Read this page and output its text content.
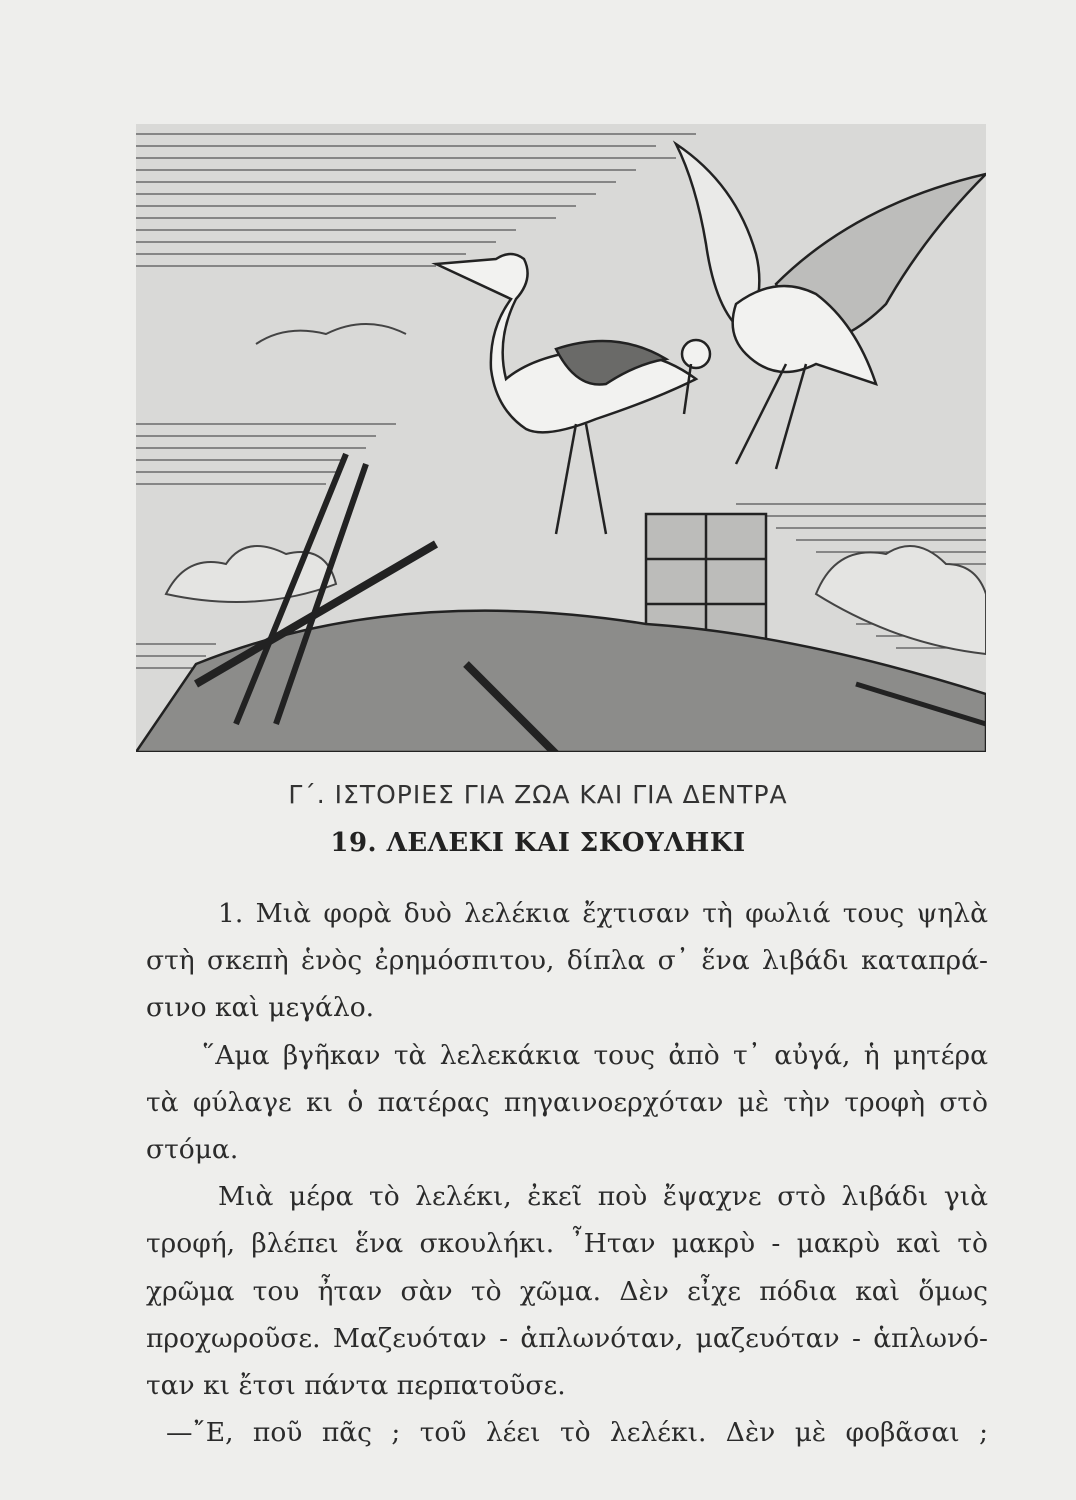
Γ΄. ΙΣΤΟΡΙΕΣ ΓΙΑ ΖΩΑ ΚΑΙ ΓΙΑ ΔΕΝΤΡΑ
19. ΛΕΛΕΚΙ ΚΑΙ ΣΚΟΥΛΗΚΙ
1. Μιὰ φορὰ δυὸ λελέκια ἔχτισαν τὴ φωλιά τους ψηλὰ
στὴ σκεπὴ ἑνὸς ἐρημόσπιτου, δίπλα σ᾽ ἕνα λιβάδι καταπρά-
σινο καὶ μεγάλο.
῞Αμα βγῆκαν τὰ λελεκάκια τους ἀπὸ τ᾽ αὐγά, ἡ μητέρα
τὰ φύλαγε κι ὁ πατέρας πηγαινοερχόταν μὲ τὴν τροφὴ στὸ
στόμα.
Μιὰ μέρα τὸ λελέκι, ἐκεῖ ποὺ ἔψαχνε στὸ λιβάδι γιὰ
τροφή, βλέπει ἕνα σκουλήκι. ῏Ηταν μακρὺ - μακρὺ καὶ τὸ
χρῶμα του ἦταν σὰν τὸ χῶμα. Δὲν εἶχε πόδια καὶ ὅμως
προχωροῦσε. Μαζευόταν - ἁπλωνόταν, μαζευόταν - ἁπλωνό-
ταν κι ἔτσι πάντα περπατοῦσε.
—῎Ε, ποῦ πᾶς ; τοῦ λέει τὸ λελέκι. Δὲν μὲ φοβᾶσαι ;
